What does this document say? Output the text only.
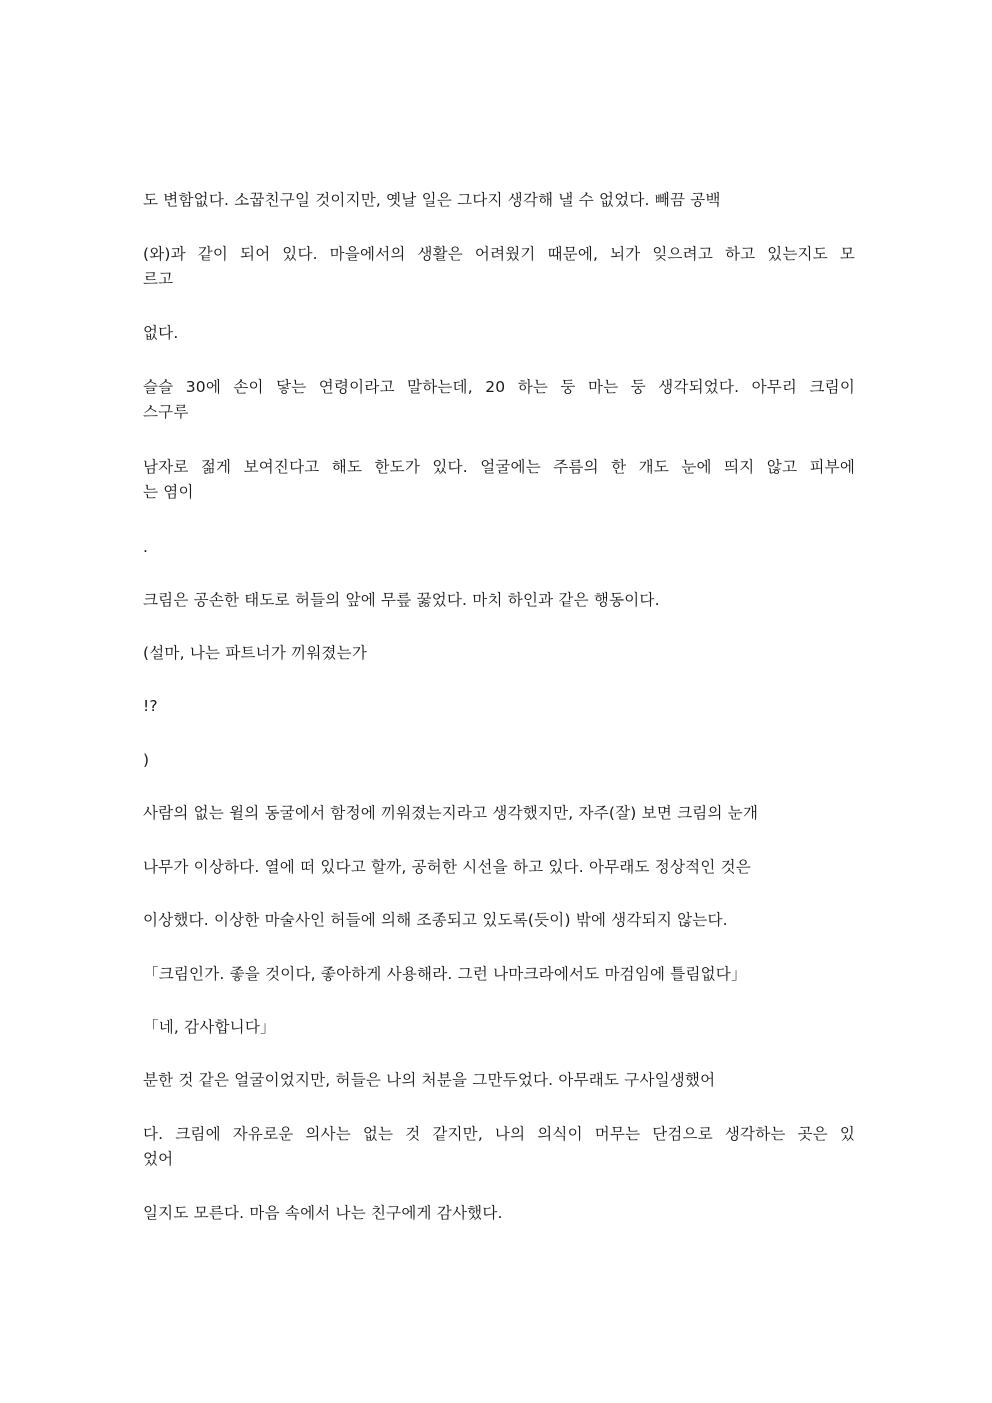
도 변함없다. 소꿉친구일 것이지만, 옛날 일은 그다지 생각해 낼 수 없었다. 빼끔 공백

(와)과 같이 되어 있다. 마을에서의 생활은 어려웠기 때문에, 뇌가 잊으려고 하고 있는지도 모
르고

없다.

슬슬 30에 손이 닿는 연령이라고 말하는데, 20 하는 둥 마는 둥 생각되었다. 아무리 크림이
스구루

남자로 젊게 보여진다고 해도 한도가 있다. 얼굴에는 주름의 한 개도 눈에 띄지 않고 피부에
는 염이

.

크림은 공손한 태도로 허들의 앞에 무릎 꿇었다. 마치 하인과 같은 행동이다.

(설마, 나는 파트너가 끼워졌는가

!?

)

사람의 없는 윌의 동굴에서 함정에 끼워졌는지라고 생각했지만, 자주(잘) 보면 크림의 눈개

나무가 이상하다. 열에 떠 있다고 할까, 공허한 시선을 하고 있다. 아무래도 정상적인 것은

이상했다. 이상한 마술사인 허들에 의해 조종되고 있도록(듯이) 밖에 생각되지 않는다.

「크림인가. 좋을 것이다, 좋아하게 사용해라. 그런 나마크라에서도 마검임에 틀림없다」

「네, 감사합니다」

분한 것 같은 얼굴이었지만, 허들은 나의 처분을 그만두었다. 아무래도 구사일생했어

다. 크림에 자유로운 의사는 없는 것 같지만, 나의 의식이 머무는 단검으로 생각하는 곳은 있
었어

일지도 모른다. 마음 속에서 나는 친구에게 감사했다.
